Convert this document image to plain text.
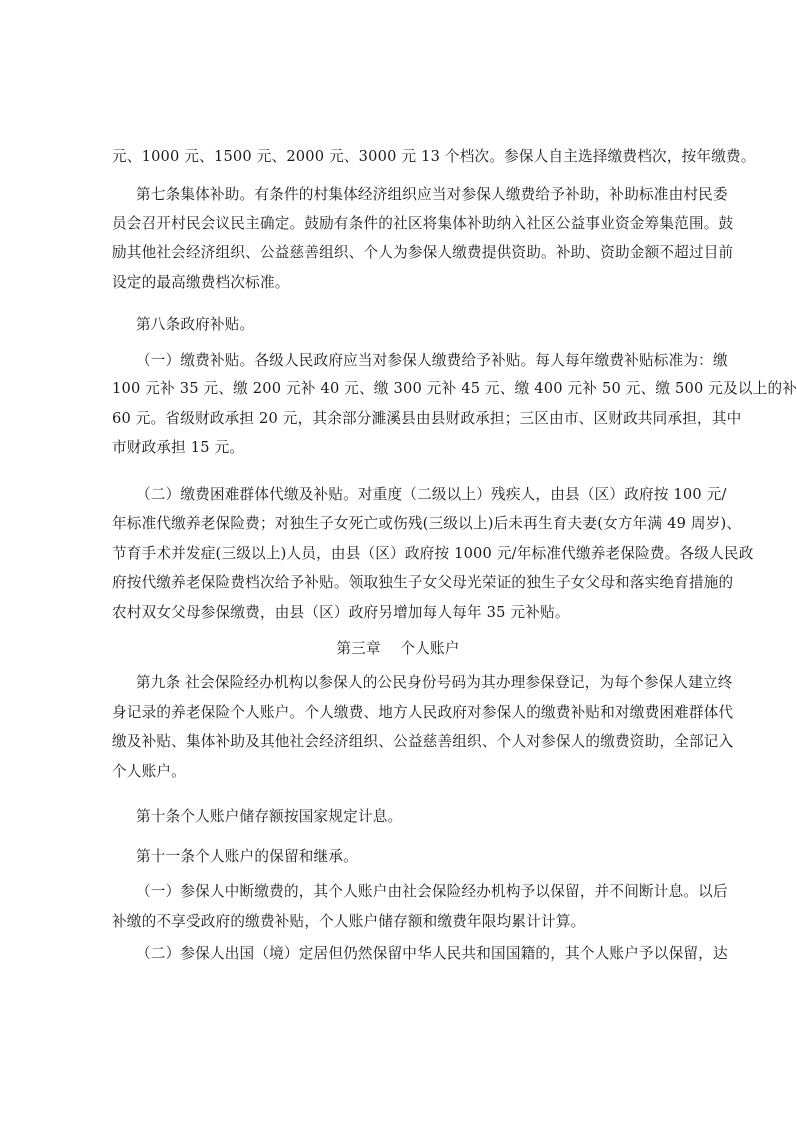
元、1000 元、1500 元、2000 元、3000 元 13 个档次。参保人自主选择缴费档次，按年缴费。
第七条集体补助。有条件的村集体经济组织应当对参保人缴费给予补助，补助标准由村民委
员会召开村民会议民主确定。鼓励有条件的社区将集体补助纳入社区公益事业资金筹集范围。鼓
励其他社会经济组织、公益慈善组织、个人为参保人缴费提供资助。补助、资助金额不超过目前
设定的最高缴费档次标准。
第八条政府补贴。
（一）缴费补贴。各级人民政府应当对参保人缴费给予补贴。每人每年缴费补贴标准为：缴
100 元补 35 元、缴 200 元补 40 元、缴 300 元补 45 元、缴 400 元补 50 元、缴 500 元及以上的补
60 元。省级财政承担 20 元，其余部分濉溪县由县财政承担；三区由市、区财政共同承担，其中
市财政承担 15 元。
（二）缴费困难群体代缴及补贴。对重度（二级以上）残疾人，由县（区）政府按 100 元/
年标准代缴养老保险费；对独生子女死亡或伤残(三级以上)后未再生育夫妻(女方年满 49 周岁)、
节育手术并发症(三级以上)人员，由县（区）政府按 1000 元/年标准代缴养老保险费。各级人民政
府按代缴养老保险费档次给予补贴。领取独生子女父母光荣证的独生子女父母和落实绝育措施的
农村双女父母参保缴费，由县（区）政府另增加每人每年 35 元补贴。
第三章　 个人账户
第九条 社会保险经办机构以参保人的公民身份号码为其办理参保登记，为每个参保人建立终
身记录的养老保险个人账户。个人缴费、地方人民政府对参保人的缴费补贴和对缴费困难群体代
缴及补贴、集体补助及其他社会经济组织、公益慈善组织、个人对参保人的缴费资助，全部记入
个人账户。
第十条个人账户储存额按国家规定计息。
第十一条个人账户的保留和继承。
（一）参保人中断缴费的，其个人账户由社会保险经办机构予以保留，并不间断计息。以后
补缴的不享受政府的缴费补贴，个人账户储存额和缴费年限均累计计算。
（二）参保人出国（境）定居但仍然保留中华人民共和国国籍的，其个人账户予以保留，达
